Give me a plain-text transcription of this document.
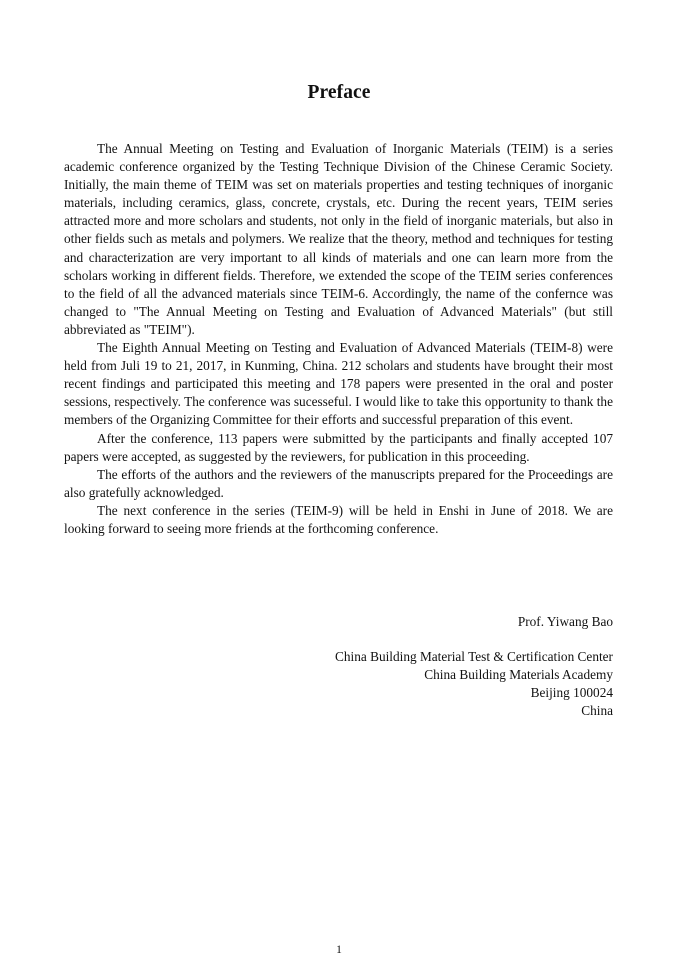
Preface

The Annual Meeting on Testing and Evaluation of Inorganic Materials (TEIM) is a series academic conference organized by the Testing Technique Division of the Chinese Ceramic Society. Initially, the main theme of TEIM was set on materials properties and testing techniques of inorganic materials, including ceramics, glass, concrete, crystals, etc. During the recent years, TEIM series attracted more and more scholars and students, not only in the field of inorganic materials, but also in other fields such as metals and polymers. We realize that the theory, method and techniques for testing and characterization are very important to all kinds of materials and one can learn more from the scholars working in different fields. Therefore, we extended the scope of the TEIM series conferences to the field of all the advanced materials since TEIM-6. Accordingly, the name of the confernce was changed to "The Annual Meeting on Testing and Evaluation of Advanced Materials" (but still abbreviated as "TEIM").

The Eighth Annual Meeting on Testing and Evaluation of Advanced Materials (TEIM-8) were held from Juli 19 to 21, 2017, in Kunming, China. 212 scholars and students have brought their most recent findings and participated this meeting and 178 papers were presented in the oral and poster sessions, respectively. The conference was sucesseful. I would like to take this opportunity to thank the members of the Organizing Committee for their efforts and successful preparation of this event.

After the conference, 113 papers were submitted by the participants and finally accepted 107 papers were accepted, as suggested by the reviewers, for publication in this proceeding.

The efforts of the authors and the reviewers of the manuscripts prepared for the Proceedings are also gratefully acknowledged.

The next conference in the series (TEIM-9) will be held in Enshi in June of 2018. We are looking forward to seeing more friends at the forthcoming conference.

Prof. Yiwang Bao
China Building Material Test & Certification Center
China Building Materials Academy
Beijing 100024
China
1
